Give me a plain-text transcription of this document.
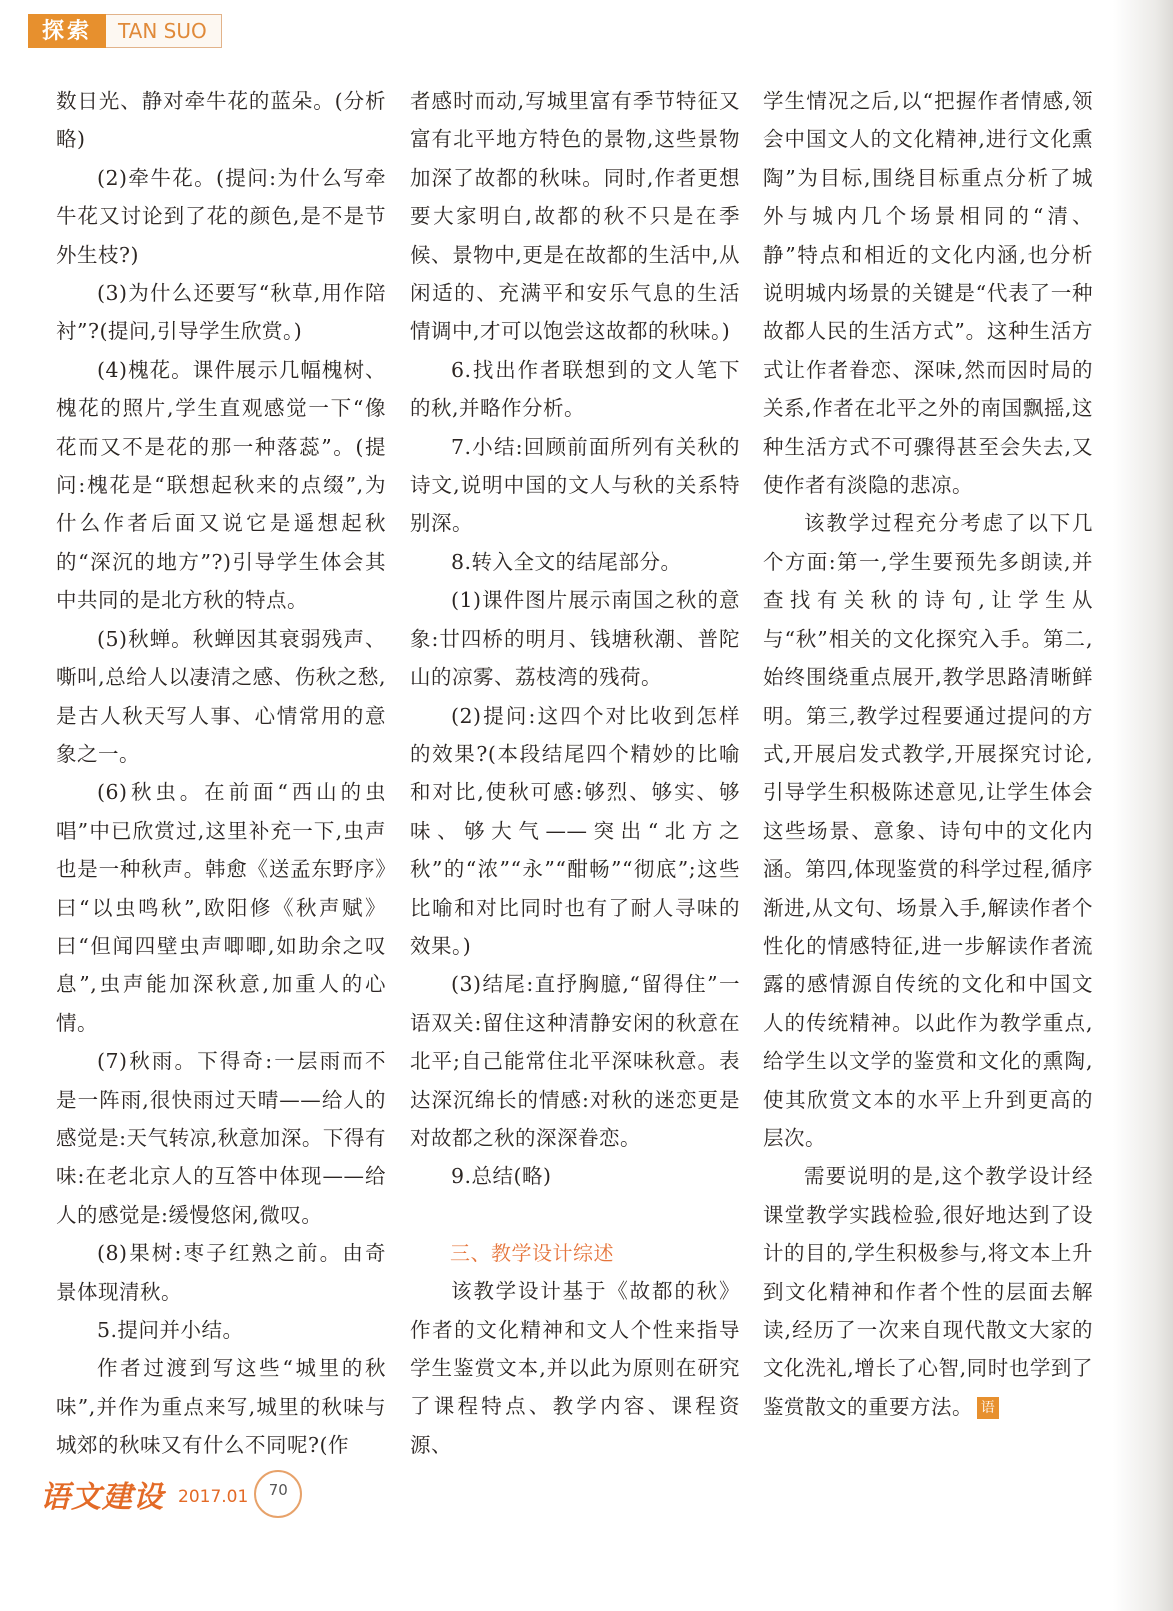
探索	TAN SUO

数日光、静对牵牛花的蓝朵。(分析略)

(2)牵牛花。(提问:为什么写牵牛花又讨论到了花的颜色,是不是节外生枝?)

(3)为什么还要写“秋草,用作陪衬”?(提问,引导学生欣赏。)

(4)槐花。课件展示几幅槐树、槐花的照片,学生直观感觉一下“像花而又不是花的那一种落蕊”。(提问:槐花是“联想起秋来的点缀”,为什么作者后面又说它是遥想起秋的“深沉的地方”?)引导学生体会其中共同的是北方秋的特点。

(5)秋蝉。秋蝉因其衰弱残声、嘶叫,总给人以凄清之感、伤秋之愁,是古人秋天写人事、心情常用的意象之一。

(6)秋虫。在前面“西山的虫唱”中已欣赏过,这里补充一下,虫声也是一种秋声。韩愈《送孟东野序》曰“以虫鸣秋”,欧阳修《秋声赋》曰“但闻四壁虫声唧唧,如助余之叹息”,虫声能加深秋意,加重人的心情。

(7)秋雨。下得奇:一层雨而不是一阵雨,很快雨过天晴——给人的感觉是:天气转凉,秋意加深。下得有味:在老北京人的互答中体现——给人的感觉是:缓慢悠闲,微叹。

(8)果树:枣子红熟之前。由奇景体现清秋。

5.提问并小结。

作者过渡到写这些“城里的秋味”,并作为重点来写,城里的秋味与城郊的秋味又有什么不同呢?(作

者感时而动,写城里富有季节特征又富有北平地方特色的景物,这些景物加深了故都的秋味。同时,作者更想要大家明白,故都的秋不只是在季候、景物中,更是在故都的生活中,从闲适的、充满平和安乐气息的生活情调中,才可以饱尝这故都的秋味。)

6.找出作者联想到的文人笔下的秋,并略作分析。

7.小结:回顾前面所列有关秋的诗文,说明中国的文人与秋的关系特别深。

8.转入全文的结尾部分。

(1)课件图片展示南国之秋的意象:廿四桥的明月、钱塘秋潮、普陀山的凉雾、荔枝湾的残荷。

(2)提问:这四个对比收到怎样的效果?(本段结尾四个精妙的比喻和对比,使秋可感:够烈、够实、够味、够大气——突出“北方之秋”的“浓”“永”“酣畅”“彻底”;这些比喻和对比同时也有了耐人寻味的效果。)

(3)结尾:直抒胸臆,“留得住”一语双关:留住这种清静安闲的秋意在北平;自己能常住北平深味秋意。表达深沉绵长的情感:对秋的迷恋更是对故都之秋的深深眷恋。

9.总结(略)

三、教学设计综述

该教学设计基于《故都的秋》作者的文化精神和文人个性来指导学生鉴赏文本,并以此为原则在研究了课程特点、教学内容、课程资源、

学生情况之后,以“把握作者情感,领会中国文人的文化精神,进行文化熏陶”为目标,围绕目标重点分析了城外与城内几个场景相同的“清、静”特点和相近的文化内涵,也分析说明城内场景的关键是“代表了一种故都人民的生活方式”。这种生活方式让作者眷恋、深味,然而因时局的关系,作者在北平之外的南国飘摇,这种生活方式不可骤得甚至会失去,又使作者有淡隐的悲凉。

该教学过程充分考虑了以下几个方面:第一,学生要预先多朗读,并查找有关秋的诗句,让学生从与“秋”相关的文化探究入手。第二,始终围绕重点展开,教学思路清晰鲜明。第三,教学过程要通过提问的方式,开展启发式教学,开展探究讨论,引导学生积极陈述意见,让学生体会这些场景、意象、诗句中的文化内涵。第四,体现鉴赏的科学过程,循序渐进,从文句、场景入手,解读作者个性化的情感特征,进一步解读作者流露的感情源自传统的文化和中国文人的传统精神。以此作为教学重点,给学生以文学的鉴赏和文化的熏陶,使其欣赏文本的水平上升到更高的层次。

需要说明的是,这个教学设计经课堂教学实践检验,很好地达到了设计的目的,学生积极参与,将文本上升到文化精神和作者个性的层面去解读,经历了一次来自现代散文大家的文化洗礼,增长了心智,同时也学到了鉴赏散文的重要方法。 语

语文建设 2017.01	70
